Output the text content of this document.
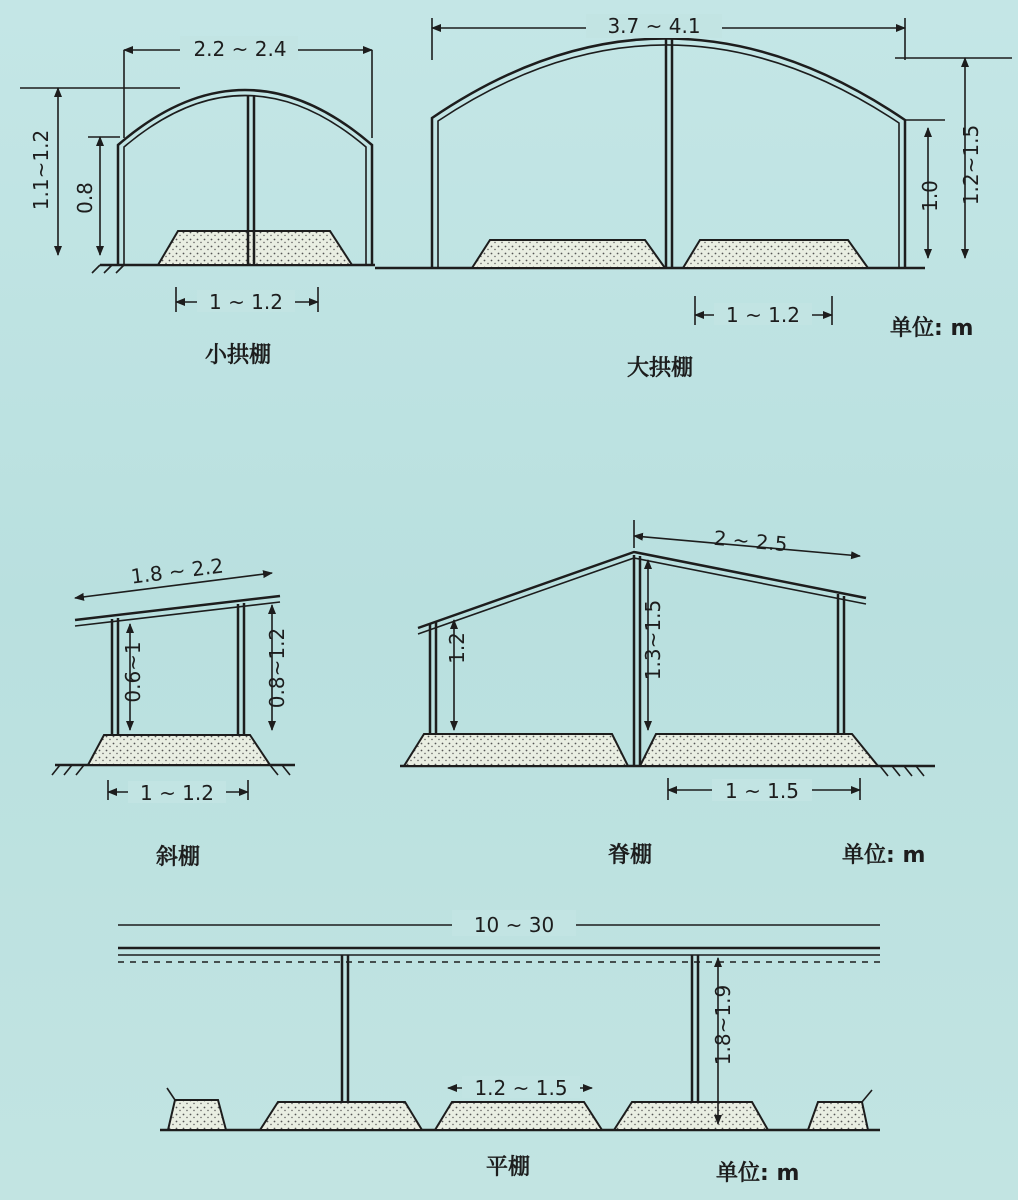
2.2 ~ 2.4
1.1~1.2 0.8
1 ~ 1.2
小拱棚
3.7 ~ 4.1
1.2~1.5
1.0
1 ~ 1.2
大拱棚
单位: m
1.8 ~ 2.2
0.6~1	0.8~1.2
1 ~ 1.2
斜棚
2 ~ 2.5
1.2	1.3~1.5
1 ~ 1.5
脊棚	单位: m
10 ~ 30
1.8~1.9
1.2 ~ 1.5
平棚	单位: m
